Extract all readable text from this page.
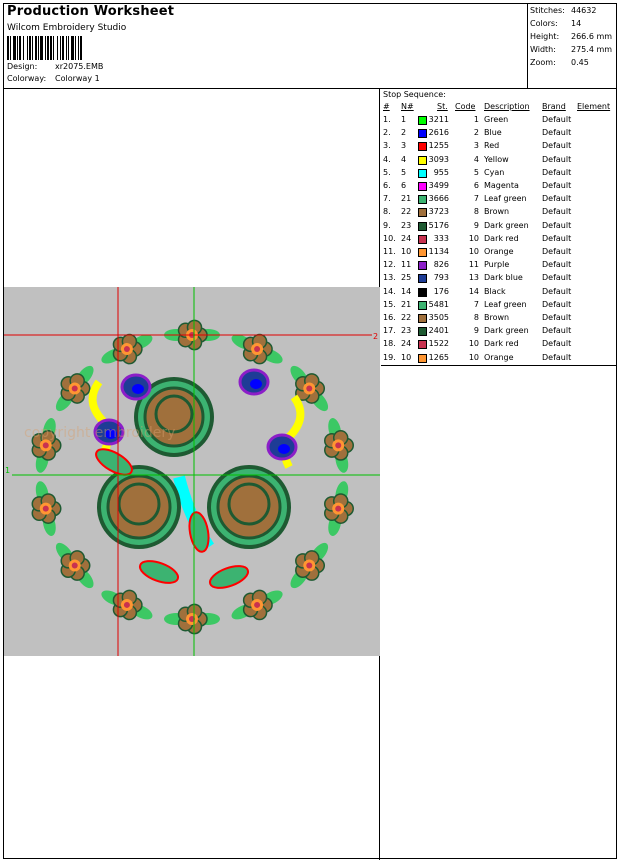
Production Worksheet
Wilcom Embroidery Studio
Design: xr2075.EMB
Colorway: Colorway 1
Stitches: 44632
Colors: 14
Height: 266.6 mm
Width: 275.4 mm
Zoom: 0.45
copyright embroidery
2
1
Stop Sequence:
# N#	St. Code Description Brand Element
1. 1	3211	1 Green	Default
2. 2	2616	2 Blue	Default
3. 3	1255	3 Red	Default
4. 4	3093	4 Yellow	Default
5. 5	955	5 Cyan	Default
6. 6	3499	6 Magenta	Default
7. 21 3666	7 Leaf green Default
8. 22 3723	8 Brown	Default
9. 23 5176	9 Dark green Default
10. 24	333	10 Dark red	Default
11. 10 1134	10 Orange	Default
12. 11	826	11 Purple	Default
13. 25	793	13 Dark blue Default
14. 14	176	14 Black	Default
15. 21 5481	7 Leaf green Default
16. 22 3505	8 Brown	Default
17. 23 2401	9 Dark green Default
18. 24 1522	10 Dark red	Default
19. 10 1265	10 Orange	Default
